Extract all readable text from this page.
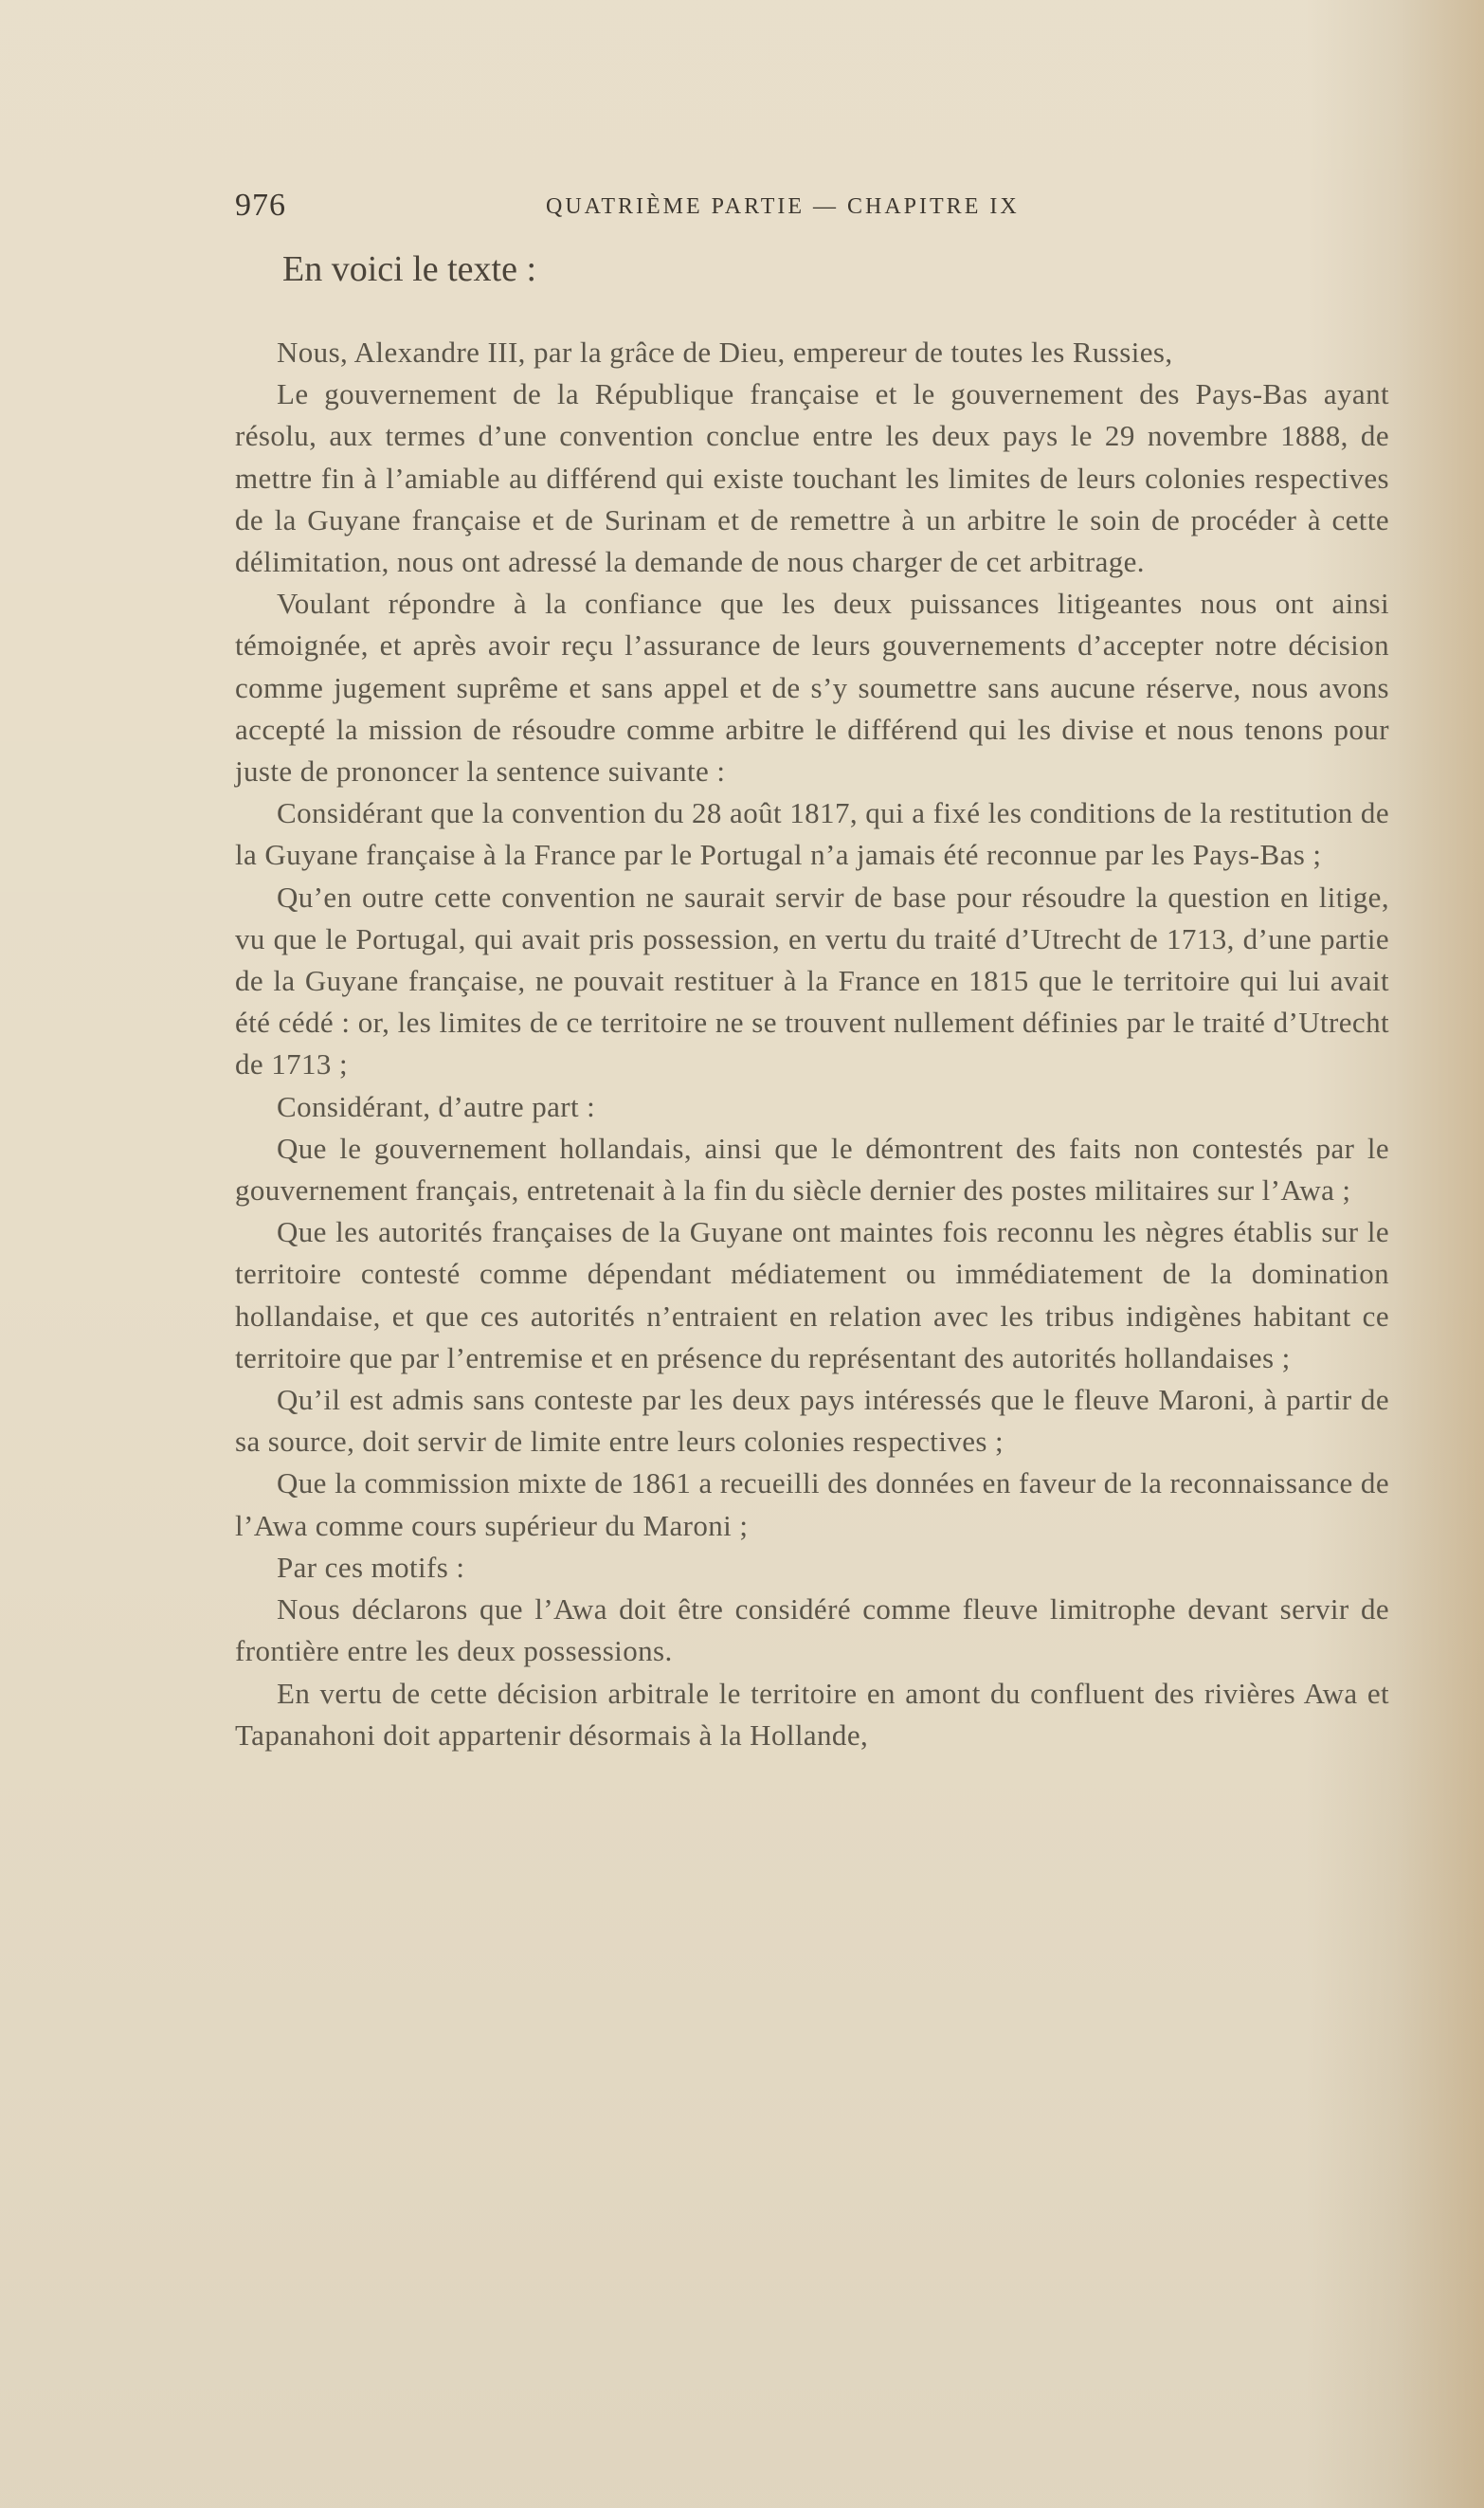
976	QUATRIÈME PARTIE — CHAPITRE IX
En voici le texte :

Nous, Alexandre III, par la grâce de Dieu, empereur de toutes les Russies,

Le gouvernement de la République française et le gouvernement des Pays-Bas ayant résolu, aux termes d’une convention conclue entre les deux pays le 29 novembre 1888, de mettre fin à l’amiable au différend qui existe touchant les limites de leurs colonies respectives de la Guyane française et de Surinam et de remettre à un arbitre le soin de procéder à cette délimitation, nous ont adressé la demande de nous charger de cet arbitrage.

Voulant répondre à la confiance que les deux puissances litigeantes nous ont ainsi témoignée, et après avoir reçu l’assurance de leurs gouvernements d’accepter notre décision comme jugement suprême et sans appel et de s’y soumettre sans aucune réserve, nous avons accepté la mission de résoudre comme arbitre le différend qui les divise et nous tenons pour juste de prononcer la sentence suivante :

Considérant que la convention du 28 août 1817, qui a fixé les conditions de la restitution de la Guyane française à la France par le Portugal n’a jamais été reconnue par les Pays-Bas ;

Qu’en outre cette convention ne saurait servir de base pour résoudre la question en litige, vu que le Portugal, qui avait pris possession, en vertu du traité d’Utrecht de 1713, d’une partie de la Guyane française, ne pouvait restituer à la France en 1815 que le territoire qui lui avait été cédé : or, les limites de ce territoire ne se trouvent nullement définies par le traité d’Utrecht de 1713 ;

Considérant, d’autre part :

Que le gouvernement hollandais, ainsi que le démontrent des faits non contestés par le gouvernement français, entretenait à la fin du siècle dernier des postes militaires sur l’Awa ;

Que les autorités françaises de la Guyane ont maintes fois reconnu les nègres établis sur le territoire contesté comme dépendant médiatement ou immédiatement de la domination hollandaise, et que ces autorités n’entraient en relation avec les tribus indigènes habitant ce territoire que par l’entremise et en présence du représentant des autorités hollandaises ;

Qu’il est admis sans conteste par les deux pays intéressés que le fleuve Maroni, à partir de sa source, doit servir de limite entre leurs colonies respectives ;

Que la commission mixte de 1861 a recueilli des données en faveur de la reconnaissance de l’Awa comme cours supérieur du Maroni ;

Par ces motifs :

Nous déclarons que l’Awa doit être considéré comme fleuve limitrophe devant servir de frontière entre les deux possessions.

En vertu de cette décision arbitrale le territoire en amont du confluent des rivières Awa et Tapanahoni doit appartenir désormais à la Hollande,
